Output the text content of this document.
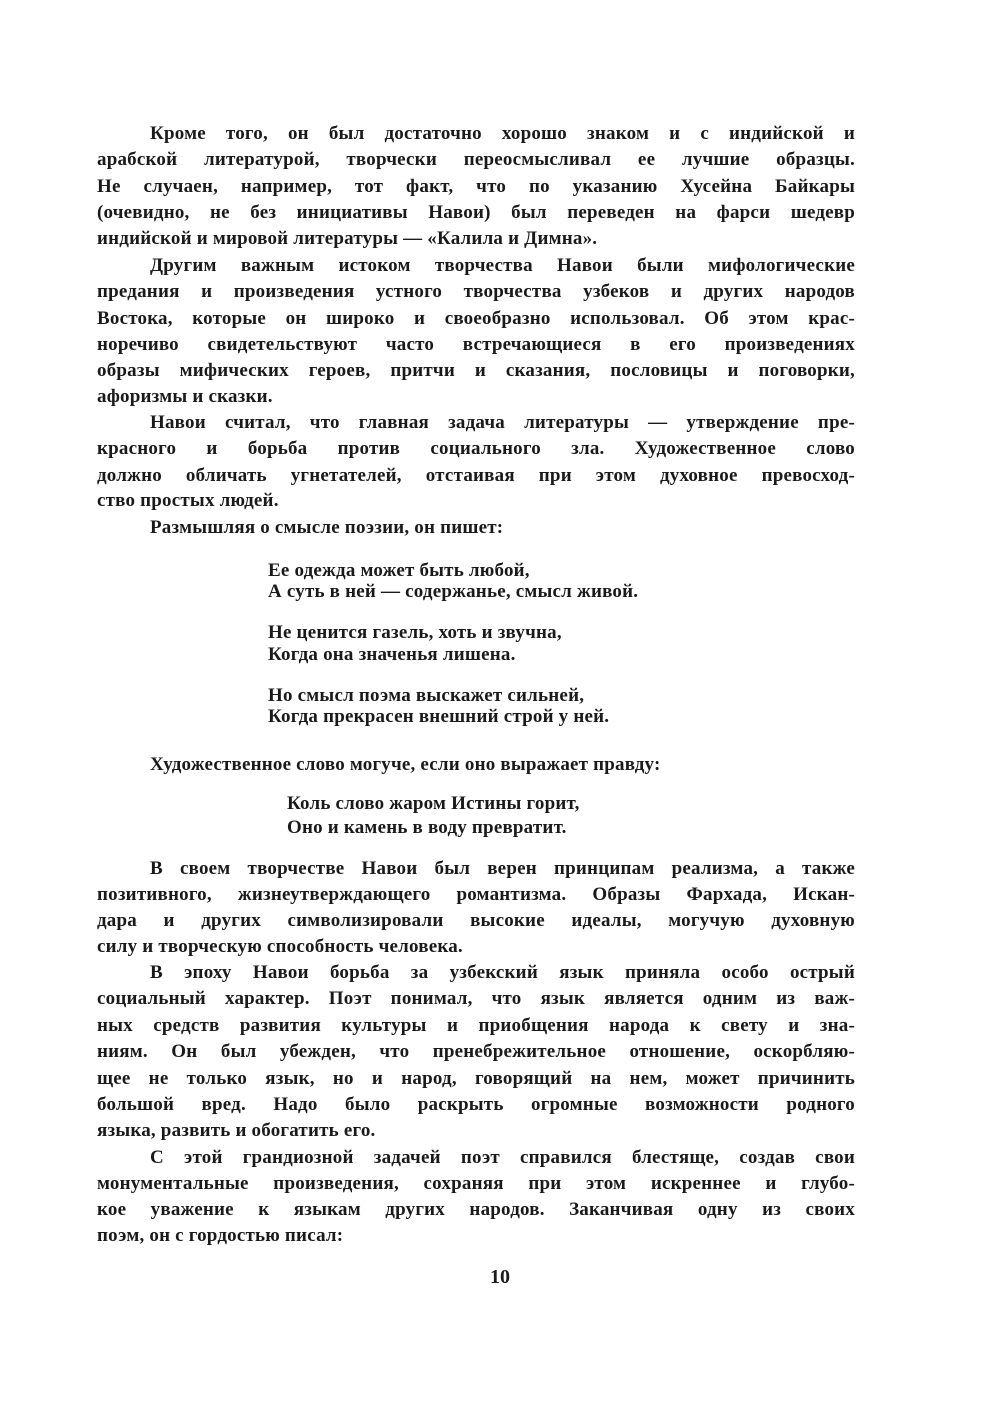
10
Кроме того, он был достаточно хорошо знаком и с индийской и
арабской литературой, творчески переосмысливал ее лучшие образцы.
Не случаен, например, тот факт, что по указанию Хусейна Байкары
(очевидно, не без инициативы Навои) был переведен на фарси шедевр
индийской и мировой литературы — «Калила и Димна».
Другим важным истоком творчества Навои были мифологические
предания и произведения устного творчества узбеков и других народов
Востока, которые он широко и своеобразно использовал. Об этом крас-
норечиво свидетельствуют часто встречающиеся в его произведениях
образы мифических героев, притчи и сказания, пословицы и поговорки,
афоризмы и сказки.
Навои считал, что главная задача литературы — утверждение пре-
красного и борьба против социального зла. Художественное слово
должно обличать угнетателей, отстаивая при этом духовное превосход-
ство простых людей.
Размышляя о смысле поэзии, он пишет:
Ее одежда может быть любой,
А суть в ней — содержанье, смысл живой.
Не ценится газель, хоть и звучна,
Когда она значенья лишена.
Но смысл поэма выскажет сильней,
Когда прекрасен внешний строй у ней.
Художественное слово могуче, если оно выражает правду:
Коль слово жаром Истины горит,
Оно и камень в воду превратит.
В своем творчестве Навои был верен принципам реализма, а также
позитивного, жизнеутверждающего романтизма. Образы Фархада, Искан-
дара и других символизировали высокие идеалы, могучую духовную
силу и творческую способность человека.
В эпоху Навои борьба за узбекский язык приняла особо острый
социальный характер. Поэт понимал, что язык является одним из важ-
ных средств развития культуры и приобщения народа к свету и зна-
ниям. Он был убежден, что пренебрежительное отношение, оскорбляю-
щее не только язык, но и народ, говорящий на нем, может причинить
большой вред. Надо было раскрыть огромные возможности родного
языка, развить и обогатить его.
С этой грандиозной задачей поэт справился блестяще, создав свои
монументальные произведения, сохраняя при этом искреннее и глубо-
кое уважение к языкам других народов. Заканчивая одну из своих
поэм, он с гордостью писал:
